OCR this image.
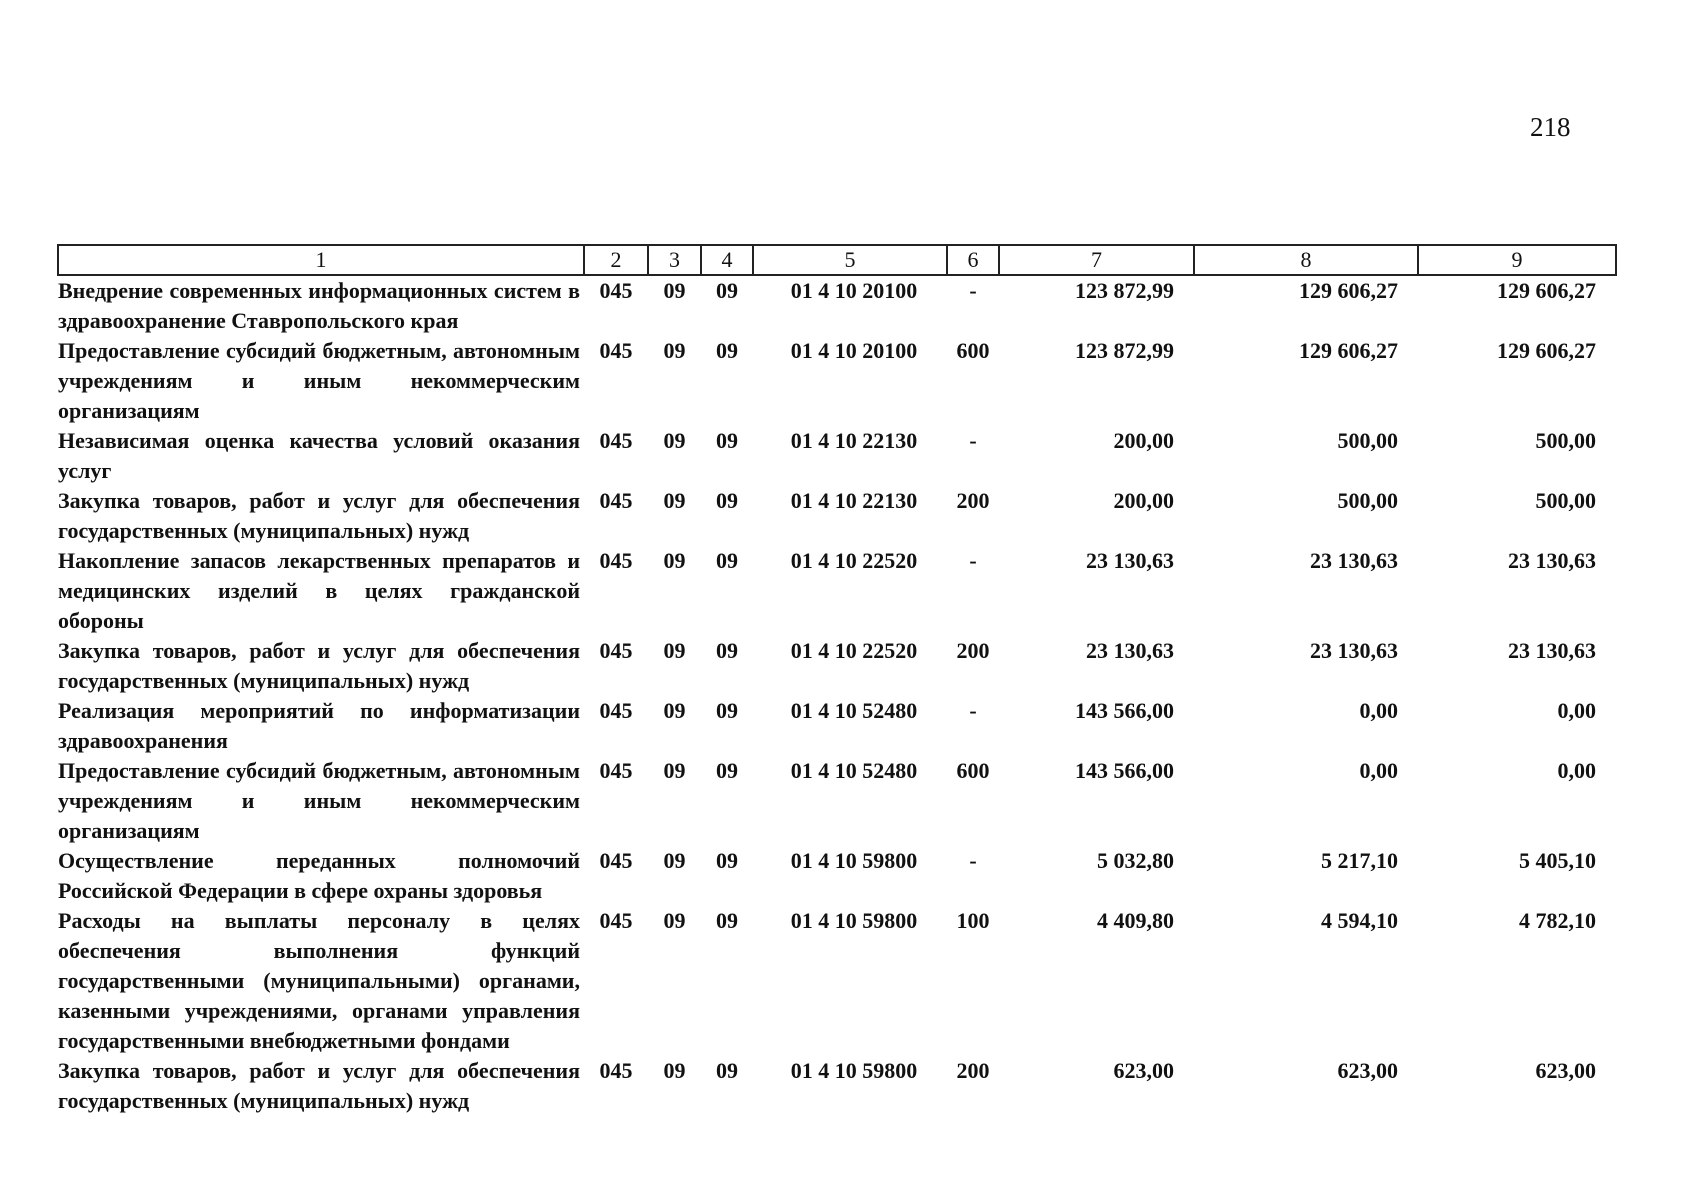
218
1	2	3	4	5	6	7	8	9
Внедрение современных информационных систем в здравоохранение Ставропольского края	045	09	09	01 4 10 20100	-	123 872,99	129 606,27	129 606,27
Предоставление субсидий бюджетным, автономным учреждениям и иным некоммерческим организациям	045	09	09	01 4 10 20100	600	123 872,99	129 606,27	129 606,27
Независимая оценка качества условий оказания услуг	045	09	09	01 4 10 22130	-	200,00	500,00	500,00
Закупка товаров, работ и услуг для обеспечения государственных (муниципальных) нужд	045	09	09	01 4 10 22130	200	200,00	500,00	500,00
Накопление запасов лекарственных препаратов и медицинских изделий в целях гражданской обороны	045	09	09	01 4 10 22520	-	23 130,63	23 130,63	23 130,63
Закупка товаров, работ и услуг для обеспечения государственных (муниципальных) нужд	045	09	09	01 4 10 22520	200	23 130,63	23 130,63	23 130,63
Реализация мероприятий по информатизации здравоохранения	045	09	09	01 4 10 52480	-	143 566,00	0,00	0,00
Предоставление субсидий бюджетным, автономным учреждениям и иным некоммерческим организациям	045	09	09	01 4 10 52480	600	143 566,00	0,00	0,00
Осуществление переданных полномочий Российской Федерации в сфере охраны здоровья	045	09	09	01 4 10 59800	-	5 032,80	5 217,10	5 405,10
Расходы на выплаты персоналу в целях обеспечения выполнения функций государственными (муниципальными) органами, казенными учреждениями, органами управления государственными внебюджетными фондами	045	09	09	01 4 10 59800	100	4 409,80	4 594,10	4 782,10
Закупка товаров, работ и услуг для обеспечения государственных (муниципальных) нужд	045	09	09	01 4 10 59800	200	623,00	623,00	623,00
